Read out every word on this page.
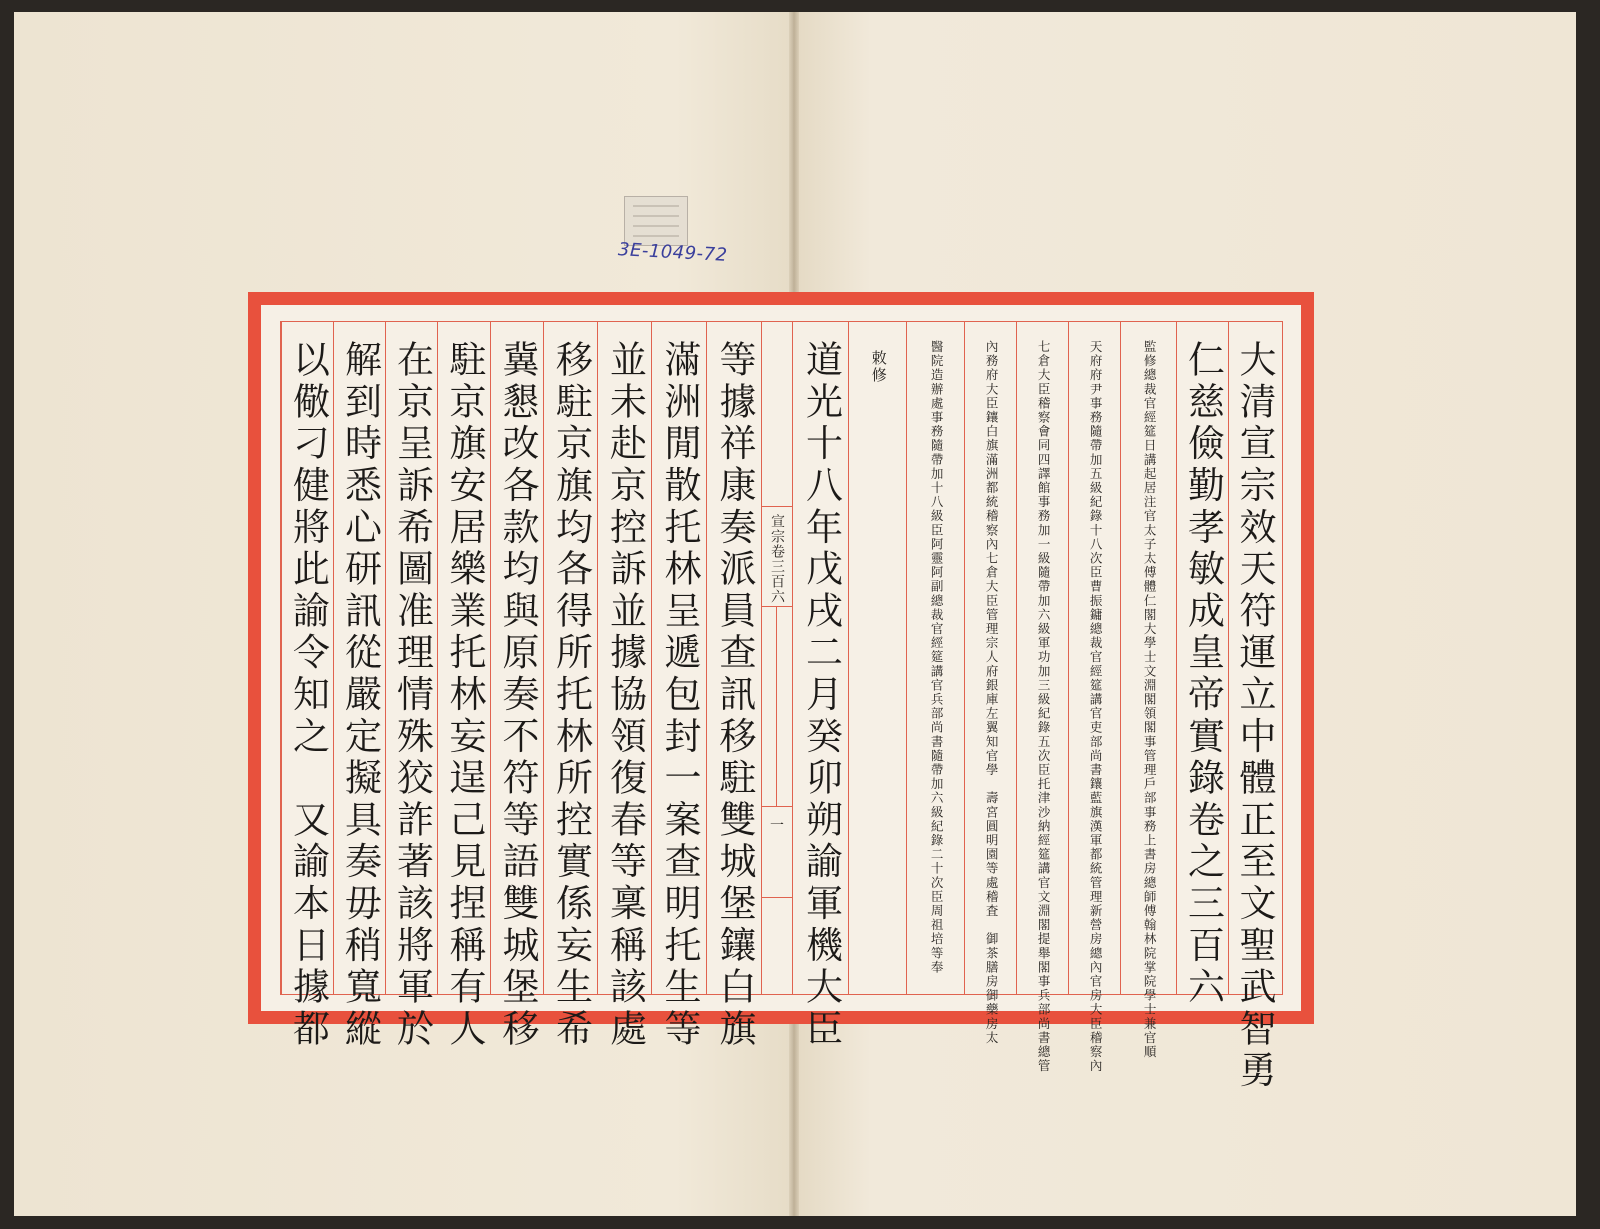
3E-1049-72
以儆刁健將此諭令知之　又諭本日據都 解到時悉心研訊從嚴定擬具奏毋稍寬縱 在京呈訴希圖准理情殊狡詐著該將軍於 駐京旗安居樂業托林妄逞己見捏稱有人 冀懇改各款均與原奏不符等語雙城堡移 移駐京旗均各得所托林所控實係妄生希 並未赴京控訴並據協領復春等稟稱該處 滿洲閒散托林呈遞包封一案查明托生等 等據祥康奏派員查訊移駐雙城堡鑲白旗 宣宗卷三百六
一 道光十八年戊戌二月癸卯朔諭軍機大臣 敕修	醫院造辦處事務隨帶加十八級臣阿靈阿副總裁官經筵講官兵部尚書隨帶加六級紀錄二十次臣周祖培等奉	內務府大臣鑲白旗滿洲都統稽察內七倉大臣管理宗人府銀庫左翼知官學　壽宮圓明園等處稽査　御茶膳房御藥房太	七倉大臣稽察會同四譯館事務加一級隨帶加六級軍功加三級紀錄五次臣托津沙納經筵講官文淵閣提舉閣事兵部尚書總管	天府府尹事務隨帶加五級紀錄十八次臣曹振鏞總裁官經筵講官吏部尚書鑲藍旗漢軍都統管理新營房總內官房大臣稽察內	監修總裁官經筵日講起居注官太子太傅體仁閣大學士文淵閣領閣事管理戶部事務上書房總師傅翰林院掌院學士兼官順 仁慈儉勤孝敏成皇帝實錄卷之三百六 大清宣宗效天符運立中體正至文聖武智勇
